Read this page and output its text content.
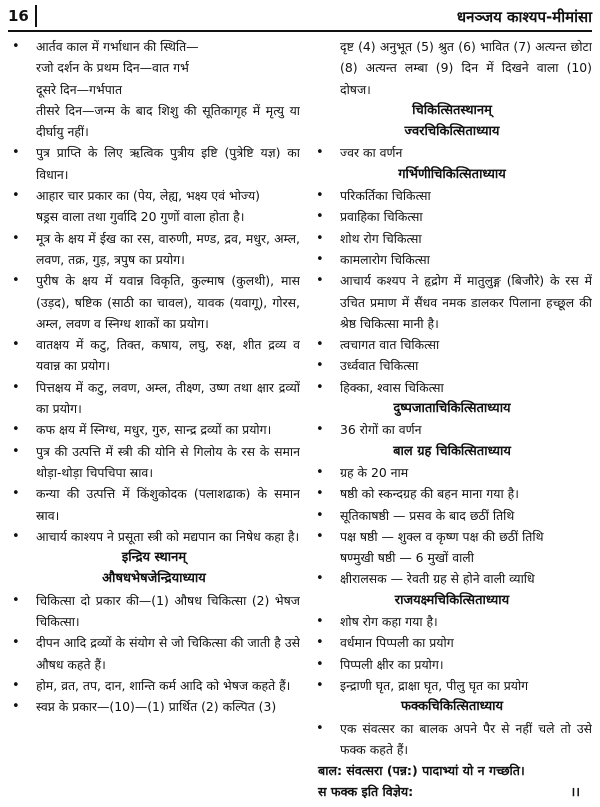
16	धनञ्जय काश्यप-मीमांसा
• आर्तव काल में गर्भाधान की स्थिति—
रजो दर्शन के प्रथम दिन—वात गर्भ
दूसरे दिन—गर्भपात
तीसरे दिन—जन्म के बाद शिशु की सूतिकागृह में मृत्यु या दीर्घायु नहीं।
• पुत्र प्राप्ति के लिए ऋत्विक पुत्रीय इष्टि (पुत्रेष्टि यज्ञ) का विधान।
• आहार चार प्रकार का (पेय, लेह्य, भक्ष्य एवं भोज्य)
षड्रस वाला तथा गुर्वादि 20 गुणों वाला होता है।
• मूत्र के क्षय में ईख का रस, वारुणी, मण्ड, द्रव, मधुर, अम्ल, लवण, तक्र, गुड़, त्रपुष का प्रयोग।
• पुरीष के क्षय में यवान्न विकृति, कुल्माष (कुलथी), मास (उड़द), षष्टिक (साठी का चावल), यावक (यवागू), गोरस, अम्ल, लवण व स्निग्ध शाकों का प्रयोग।
• वातक्षय में कटु, तिक्त, कषाय, लघु, रुक्ष, शीत द्रव्य व यवान्न का प्रयोग।
• पित्तक्षय में कटु, लवण, अम्ल, तीक्ष्ण, उष्ण तथा क्षार द्रव्यों का प्रयोग।
• कफ क्षय में स्निग्ध, मधुर, गुरु, सान्द्र द्रव्यों का प्रयोग।
• पुत्र की उत्पत्ति में स्त्री की योनि से गिलोय के रस के समान थोड़ा-थोड़ा चिपचिपा स्राव।
• कन्या की उत्पत्ति में किंशुकोदक (पलाशढाक) के समान स्राव।
• आचार्य काश्यप ने प्रसूता स्त्री को मद्यपान का निषेध कहा है।
इन्द्रिय स्थानम्
औषधभेषजेन्द्रियाध्याय
• चिकित्सा दो प्रकार की—(1) औषध चिकित्सा (2) भेषज चिकित्सा।
• दीपन आदि द्रव्यों के संयोग से जो चिकित्सा की जाती है उसे औषध कहते हैं।
• होम, व्रत, तप, दान, शान्ति कर्म आदि को भेषज कहते हैं।
• स्वप्न के प्रकार—(10)—(1) प्रार्थित (2) कल्पित (3)
दृष्ट (4) अनुभूत (5) श्रुत (6) भावित (7) अत्यन्त छोटा (8) अत्यन्त लम्बा (9) दिन में दिखने वाला (10) दोषज।
चिकित्सितस्थानम्
ज्वरचिकित्सिताध्याय
• ज्वर का वर्णन
गर्भिणीचिकित्सिताध्याय
• परिकर्तिका चिकित्सा
• प्रवाहिका चिकित्सा
• शोथ रोग चिकित्सा
• कामलारोग चिकित्सा
• आचार्य कश्यप ने हृद्रोग में मातुलुङ्ग (बिजौरे) के रस में उचित प्रमाण में सैंधव नमक डालकर पिलाना हच्छूल की श्रेष्ठ चिकित्सा मानी है।
• त्वचागत वात चिकित्सा
• उर्ध्ववात चिकित्सा
• हिक्का, श्वास चिकित्सा
दुष्पजाताचिकित्सिताध्याय
• 36 रोगों का वर्णन
बाल ग्रह चिकित्सिताध्याय
• ग्रह के 20 नाम
• षष्ठी को स्कन्दग्रह की बहन माना गया है।
• सूतिकाषष्ठी — प्रसव के बाद छठीं तिथि
• पक्ष षष्ठी — शुक्ल व कृष्ण पक्ष की छठीं तिथि
षण्मुखी षष्ठी — 6 मुखों वाली
• क्षीरालसक — रेवती ग्रह से होने वाली व्याधि
राजयक्ष्मचिकित्सिताध्याय
• शोष रोग कहा गया है।
• वर्धमान पिप्पली का प्रयोग
• पिप्पली क्षीर का प्रयोग।
• इन्द्राणी घृत, द्राक्षा घृत, पीलु घृत का प्रयोग
फक्कचिकित्सिताध्याय
• एक संवत्सर का बालक अपने पैर से नहीं चले तो उसे फक्क कहते हैं।
बाल: संवत्सरा (पन्न:) पादाभ्यां यो न गच्छति।
स फक्क इति विज्ञेय:	।।
